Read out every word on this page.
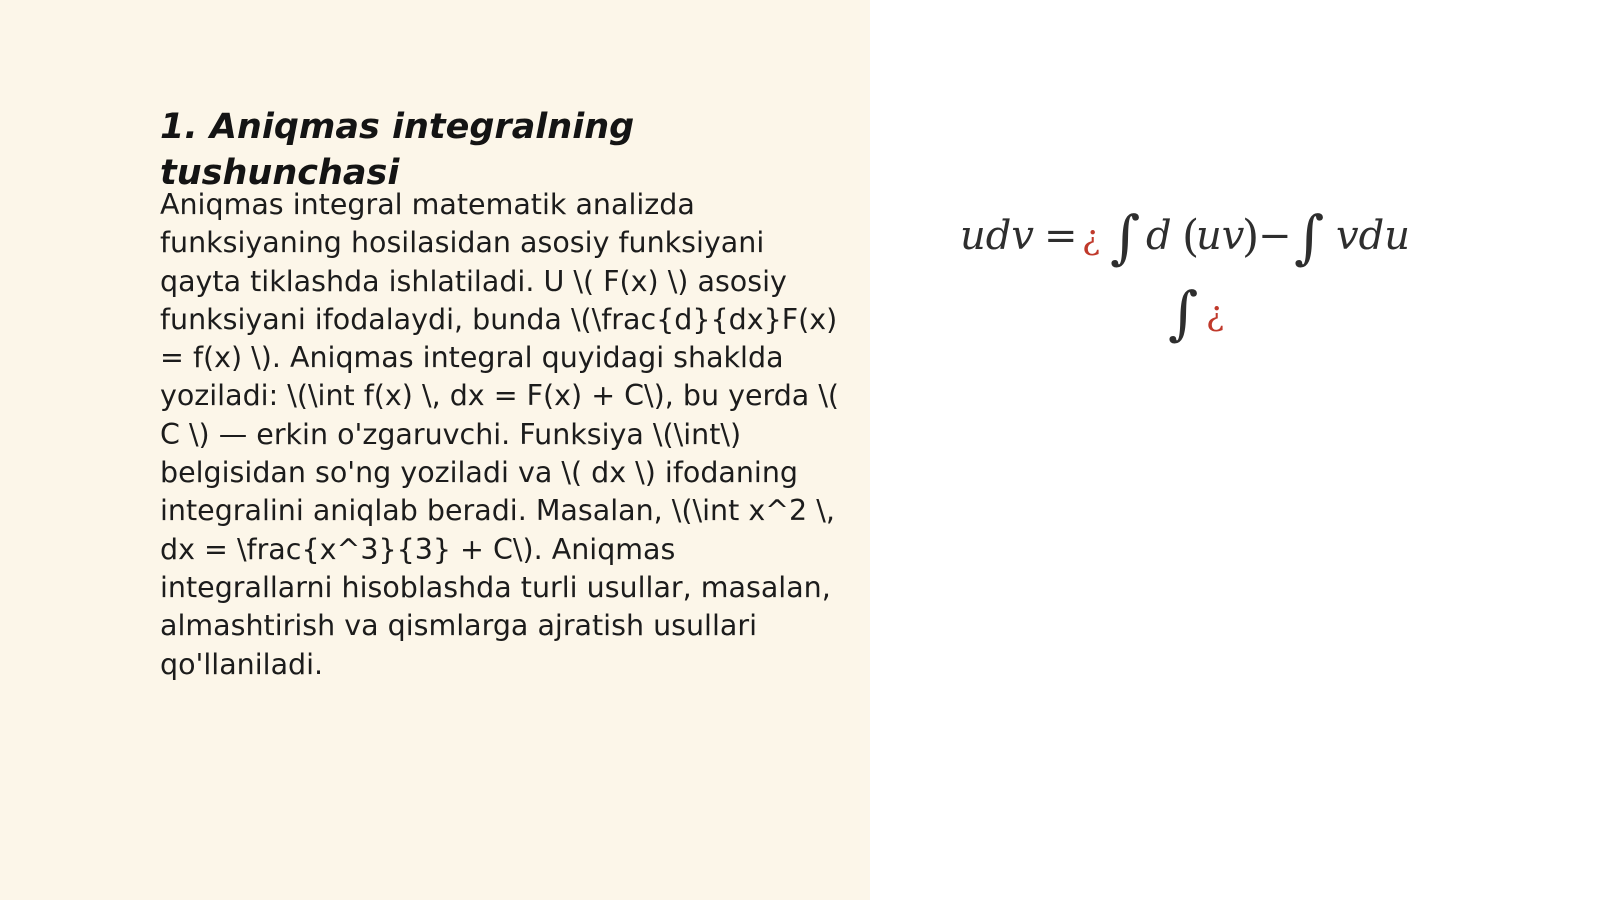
1. Aniqmas integralning tushunchasi

Aniqmas integral matematik analizda funksiyaning hosilasidan asosiy funksiyani qayta tiklashda ishlatiladi. U \( F(x) \) asosiy funksiyani ifodalaydi, bunda \(\frac{d}{dx}F(x) = f(x) \). Aniqmas integral quyidagi shaklda yoziladi: \(\int f(x) \, dx = F(x) + C\), bu yerda \( C \) — erkin o'zgaruvchi. Funksiya \(\int\) belgisidan so'ng yoziladi va \( dx \) ifodaning integralini aniqlab beradi. Masalan, \(\int x^2 \, dx = \frac{x^3}{3} + C\). Aniqmas integrallarni hisoblashda turli usullar, masalan, almashtirish va qismlarga ajratish usullari qo'llaniladi.

udv = ¿ ∫ d (
uv
)
− ∫ vdu
∫ ¿
